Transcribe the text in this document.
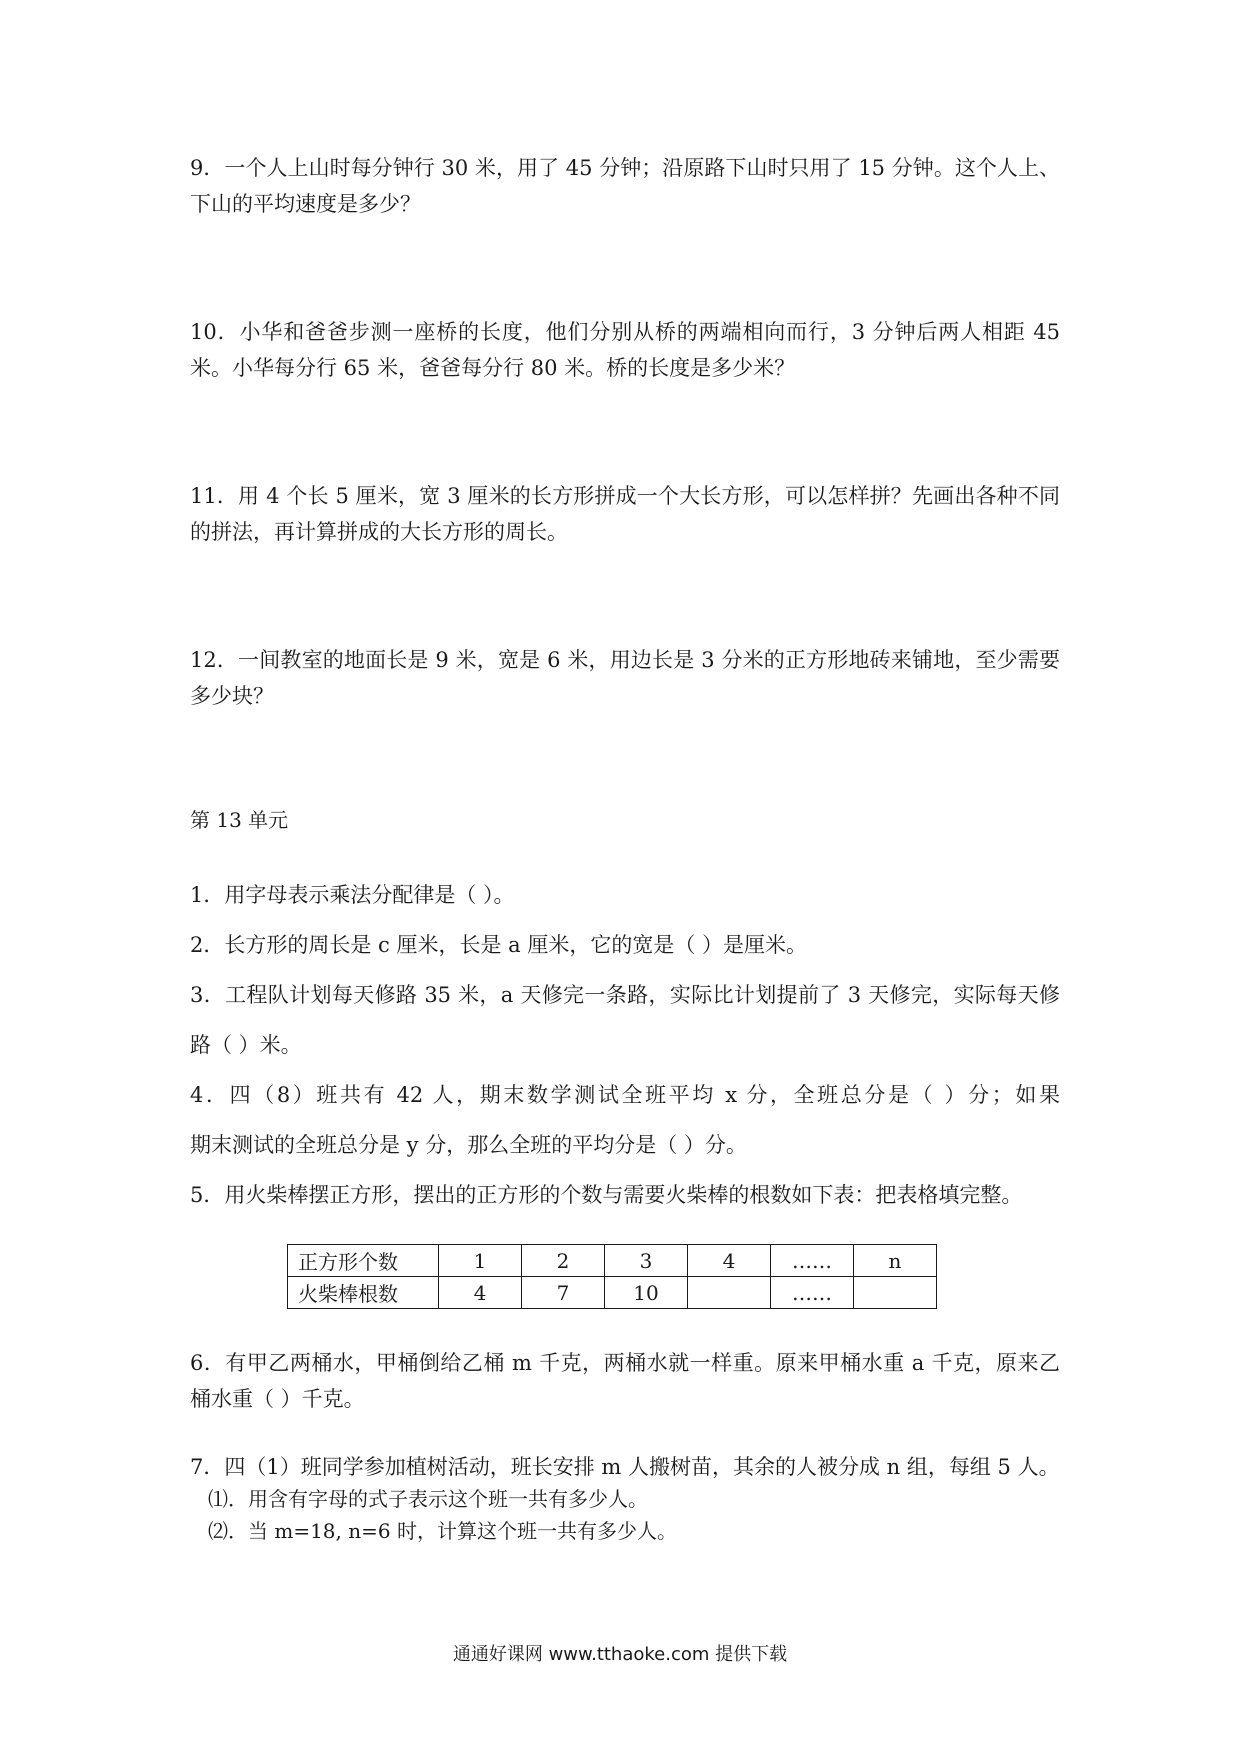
9．一个人上山时每分钟行 30 米，用了 45 分钟；沿原路下山时只用了 15 分钟。这个人上、
下山的平均速度是多少？
10．小华和爸爸步测一座桥的长度，他们分别从桥的两端相向而行，3 分钟后两人相距 45
米。小华每分行 65 米，爸爸每分行 80 米。桥的长度是多少米？
11．用 4 个长 5 厘米，宽 3 厘米的长方形拼成一个大长方形，可以怎样拼？先画出各种不同
的拼法，再计算拼成的大长方形的周长。
12．一间教室的地面长是 9 米，宽是 6 米，用边长是 3 分米的正方形地砖来铺地，至少需要
多少块？
第 13 单元
1．用字母表示乘法分配律是（ ）。
2．长方形的周长是 c 厘米，长是 a 厘米，它的宽是（ ）是厘米。
3．工程队计划每天修路 35 米，a 天修完一条路，实际比计划提前了 3 天修完，实际每天修
路（ ）米。
4．四（8）班共有 42 人，期末数学测试全班平均 x 分，全班总分是（ ）分；如果
期末测试的全班总分是 y 分，那么全班的平均分是（ ）分。
5．用火柴棒摆正方形，摆出的正方形的个数与需要火柴棒的根数如下表：把表格填完整。
正方形个数	1	2	3	4	……	n
火柴棒根数	4	7	10		……	
6．有甲乙两桶水，甲桶倒给乙桶 m 千克，两桶水就一样重。原来甲桶水重 a 千克，原来乙
桶水重（ ）千克。
7．四（1）班同学参加植树活动，班长安排 m 人搬树苗，其余的人被分成 n 组，每组 5 人。
⑴．用含有字母的式子表示这个班一共有多少人。
⑵．当 m=18, n=6 时，计算这个班一共有多少人。
通通好课网 www.tthaoke.com 提供下载
